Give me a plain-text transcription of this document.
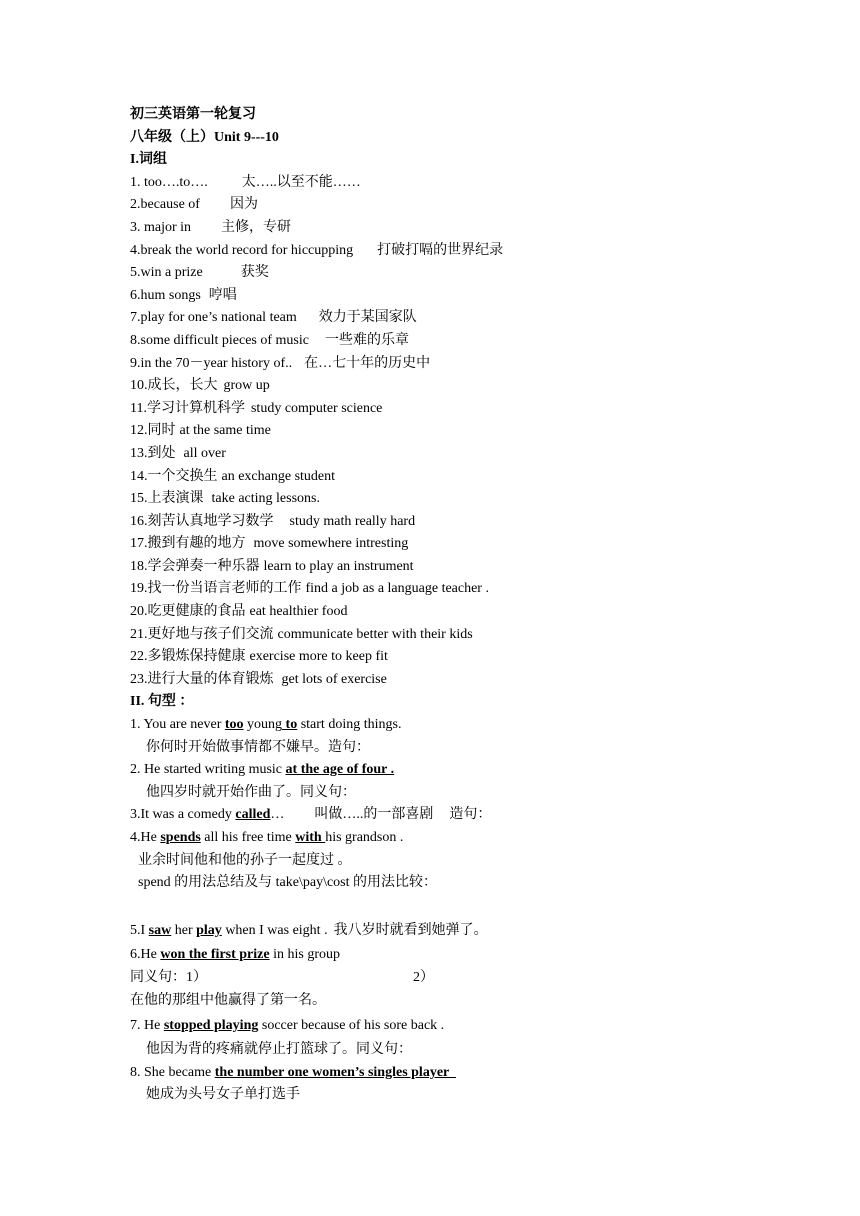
初三英语第一轮复习
八年级（上）Unit 9---10
I.词组
1. too….to…. 太…..以至不能……
2.because of 因为
3. major in 主修，专研
4.break the world record for hiccupping 打破打嗝的世界纪录
5.win a prize	获奖
6.hum songs 哼唱
7.play for one’s national team 效力于某国家队
8.some difficult pieces of music 一些难的乐章
9.in the 70－year history of.. 在…七十年的历史中
10.成长，长大 grow up
11.学习计算机科学 study computer science
12.同时 at the same time
13.到处 all over
14.一个交换生 an exchange student
15.上表演课 take acting lessons.
16.刻苦认真地学习数学 study math really hard
17.搬到有趣的地方 move somewhere intresting
18.学会弹奏一种乐器 learn to play an instrument
19.找一份当语言老师的工作 find a job as a language teacher .
20.吃更健康的食品 eat healthier food
21.更好地与孩子们交流 communicate better with their kids
22.多锻炼保持健康 exercise more to keep fit
23.进行大量的体育锻炼 get lots of exercise
II. 句型 ：
1. You are never too young to start doing things.
你何时开始做事情都不嫌早。造句：
2. He started writing music at the age of four .
他四岁时就开始作曲了。同义句：
3.It was a comedy called… 叫做…..的一部喜剧 造句：
4.He spends all his free time with his grandson .
业余时间他和他的孙子一起度过 。
spend 的用法总结及与 take\pay\cost 的用法比较：
5.I saw her play when I was eight . 我八岁时就看到她弹了。
6.He won the first prize in his group
同义句：1）	2）
在他的那组中他赢得了第一名。
7. He stopped playing soccer because of his sore back .
他因为背的疼痛就停止打篮球了。同义句：
8. She became the number one women’s singles player
她成为头号女子单打选手
